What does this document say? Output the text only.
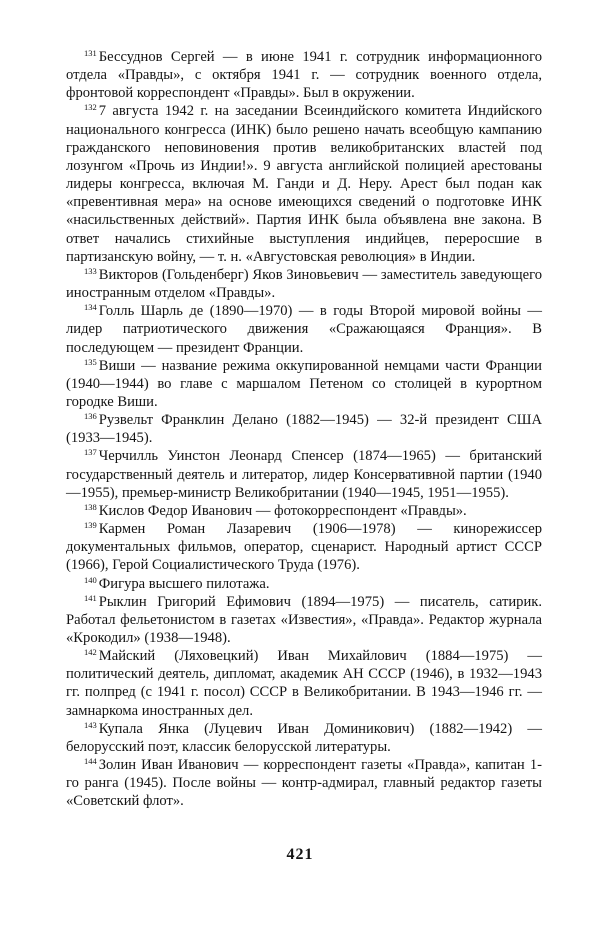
$^{131}$ Бессуднов Сергей — в июне 1941 г. сотрудник информационного отдела «Правды», с октября 1941 г. — сотрудник военного отдела, фронтовой корреспондент «Правды». Был в окружении.

$^{132}$ 7 августа 1942 г. на заседании Всеиндийского комитета Индийского национального конгресса (ИНК) было решено начать всеобщую кампанию гражданского неповиновения против великобританских властей под лозунгом «Прочь из Индии!». 9 августа английской полицией арестованы лидеры конгресса, включая М. Ганди и Д. Неру. Арест был подан как «превентивная мера» на основе имеющихся сведений о подготовке ИНК «насильственных действий». Партия ИНК была объявлена вне закона. В ответ начались стихийные выступления индийцев, переросшие в партизанскую войну, — т. н. «Августовская революция» в Индии.

$^{133}$ Викторов (Гольденберг) Яков Зиновьевич — заместитель заведующего иностранным отделом «Правды».

$^{134}$ Голль Шарль де (1890—1970) — в годы Второй мировой войны — лидер патриотического движения «Сражающаяся Франция». В последующем — президент Франции.

$^{135}$ Виши — название режима оккупированной немцами части Франции (1940—1944) во главе с маршалом Петеном со столицей в курортном городке Виши.

$^{136}$ Рузвельт Франклин Делано (1882—1945) — 32-й президент США (1933—1945).

$^{137}$ Черчилль Уинстон Леонард Спенсер (1874—1965) — британский государственный деятель и литератор, лидер Консервативной партии (1940—1955), премьер-министр Великобритании (1940—1945, 1951—1955).

$^{138}$ Кислов Федор Иванович — фотокорреспондент «Правды».

$^{139}$ Кармен Роман Лазаревич (1906—1978) — кинорежиссер документальных фильмов, оператор, сценарист. Народный артист СССР (1966), Герой Социалистического Труда (1976).

$^{140}$ Фигура высшего пилотажа.

$^{141}$ Рыклин Григорий Ефимович (1894—1975) — писатель, сатирик. Работал фельетонистом в газетах «Известия», «Правда». Редактор журнала «Крокодил» (1938—1948).

$^{142}$ Майский (Ляховецкий) Иван Михайлович (1884—1975) — политический деятель, дипломат, академик АН СССР (1946), в 1932—1943 гг. полпред (с 1941 г. посол) СССР в Великобритании. В 1943—1946 гг. — замнаркома иностранных дел.

$^{143}$ Купала Янка (Луцевич Иван Доминикович) (1882—1942) — белорусский поэт, классик белорусской литературы.

$^{144}$ Золин Иван Иванович — корреспондент газеты «Правда», капитан 1-го ранга (1945). После войны — контр-адмирал, главный редактор газеты «Советский флот».

421
